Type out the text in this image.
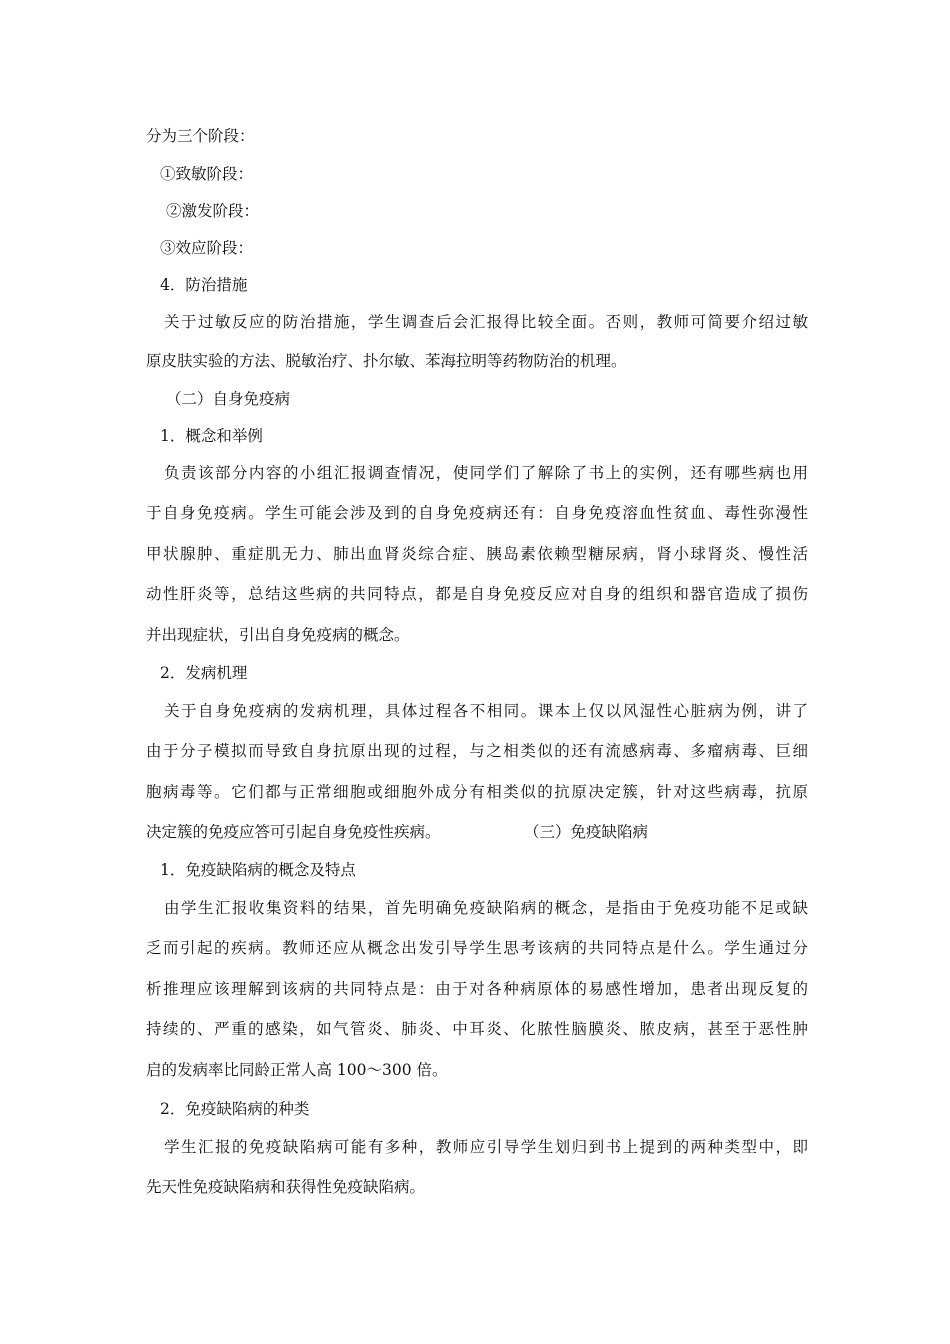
分为三个阶段：
①致敏阶段：
②激发阶段：
③效应阶段：
4．防治措施
关于过敏反应的防治措施，学生调查后会汇报得比较全面。否则，教师可简要介绍过敏
原皮肤实验的方法、脱敏治疗、扑尔敏、苯海拉明等药物防治的机理。
（二）自身免疫病
1．概念和举例
负责该部分内容的小组汇报调查情况，使同学们了解除了书上的实例，还有哪些病也用
于自身免疫病。学生可能会涉及到的自身免疫病还有：自身免疫溶血性贫血、毒性弥漫性
甲状腺肿、重症肌无力、肺出血肾炎综合症、胰岛素依赖型糖尿病，肾小球肾炎、慢性活
动性肝炎等，总结这些病的共同特点，都是自身免疫反应对自身的组织和器官造成了损伤
并出现症状，引出自身免疫病的概念。
2．发病机理
关于自身免疫病的发病机理，具体过程各不相同。课本上仅以风湿性心脏病为例，讲了
由于分子模拟而导致自身抗原出现的过程，与之相类似的还有流感病毒、多瘤病毒、巨细
胞病毒等。它们都与正常细胞或细胞外成分有相类似的抗原决定簇，针对这些病毒，抗原
决定簇的免疫应答可引起自身免疫性疾病。	（三）免疫缺陷病
1．免疫缺陷病的概念及特点
由学生汇报收集资料的结果，首先明确免疫缺陷病的概念，是指由于免疫功能不足或缺
乏而引起的疾病。教师还应从概念出发引导学生思考该病的共同特点是什么。学生通过分
析推理应该理解到该病的共同特点是：由于对各种病原体的易感性增加，患者出现反复的
持续的、严重的感染，如气管炎、肺炎、中耳炎、化脓性脑膜炎、脓皮病，甚至于恶性肿
启的发病率比同龄正常人高 100～300 倍。
2．免疫缺陷病的种类
学生汇报的免疫缺陷病可能有多种，教师应引导学生划归到书上提到的两种类型中，即
先天性免疫缺陷病和获得性免疫缺陷病。
